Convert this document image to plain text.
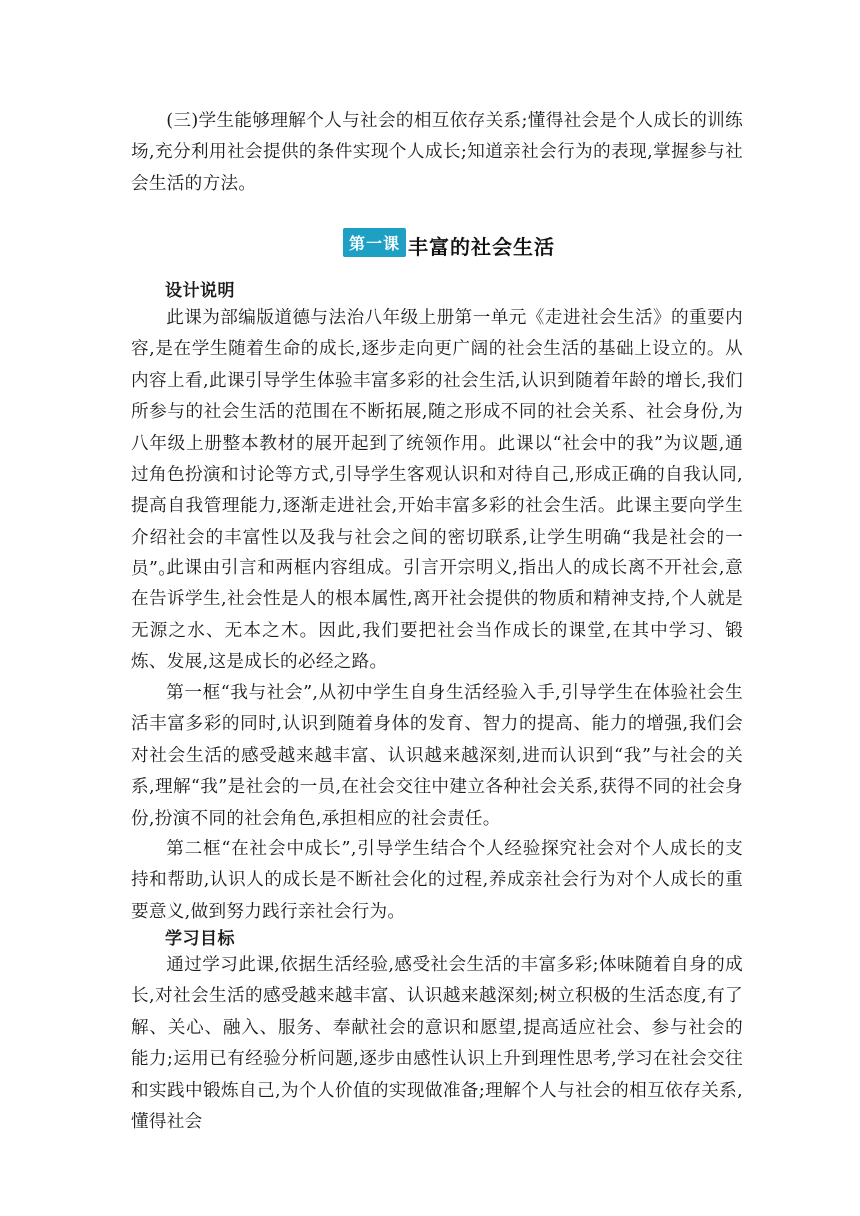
(三)学生能够理解个人与社会的相互依存关系;懂得社会是个人成长的训练场,充分利用社会提供的条件实现个人成长;知道亲社会行为的表现,掌握参与社会生活的方法。

第一课 丰富的社会生活
设计说明

此课为部编版道德与法治八年级上册第一单元《走进社会生活》的重要内容,是在学生随着生命的成长,逐步走向更广阔的社会生活的基础上设立的。从内容上看,此课引导学生体验丰富多彩的社会生活,认识到随着年龄的增长,我们所参与的社会生活的范围在不断拓展,随之形成不同的社会关系、社会身份,为八年级上册整本教材的展开起到了统领作用。此课以“社会中的我”为议题,通过角色扮演和讨论等方式,引导学生客观认识和对待自己,形成正确的自我认同,提高自我管理能力,逐渐走进社会,开始丰富多彩的社会生活。此课主要向学生介绍社会的丰富性以及我与社会之间的密切联系,让学生明确“我是社会的一员”。

此课由引言和两框内容组成。引言开宗明义,指出人的成长离不开社会,意在告诉学生,社会性是人的根本属性,离开社会提供的物质和精神支持,个人就是无源之水、无本之木。因此,我们要把社会当作成长的课堂,在其中学习、锻炼、发展,这是成长的必经之路。

第一框“我与社会”,从初中学生自身生活经验入手,引导学生在体验社会生活丰富多彩的同时,认识到随着身体的发育、智力的提高、能力的增强,我们会对社会生活的感受越来越丰富、认识越来越深刻,进而认识到“我”与社会的关系,理解“我”是社会的一员,在社会交往中建立各种社会关系,获得不同的社会身份,扮演不同的社会角色,承担相应的社会责任。

第二框“在社会中成长”,引导学生结合个人经验探究社会对个人成长的支持和帮助,认识人的成长是不断社会化的过程,养成亲社会行为对个人成长的重要意义,做到努力践行亲社会行为。

学习目标

通过学习此课,依据生活经验,感受社会生活的丰富多彩;体味随着自身的成长,对社会生活的感受越来越丰富、认识越来越深刻;树立积极的生活态度,有了解、关心、融入、服务、奉献社会的意识和愿望,提高适应社会、参与社会的能力;运用已有经验分析问题,逐步由感性认识上升到理性思考,学习在社会交往和实践中锻炼自己,为个人价值的实现做准备;理解个人与社会的相互依存关系,懂得社会
